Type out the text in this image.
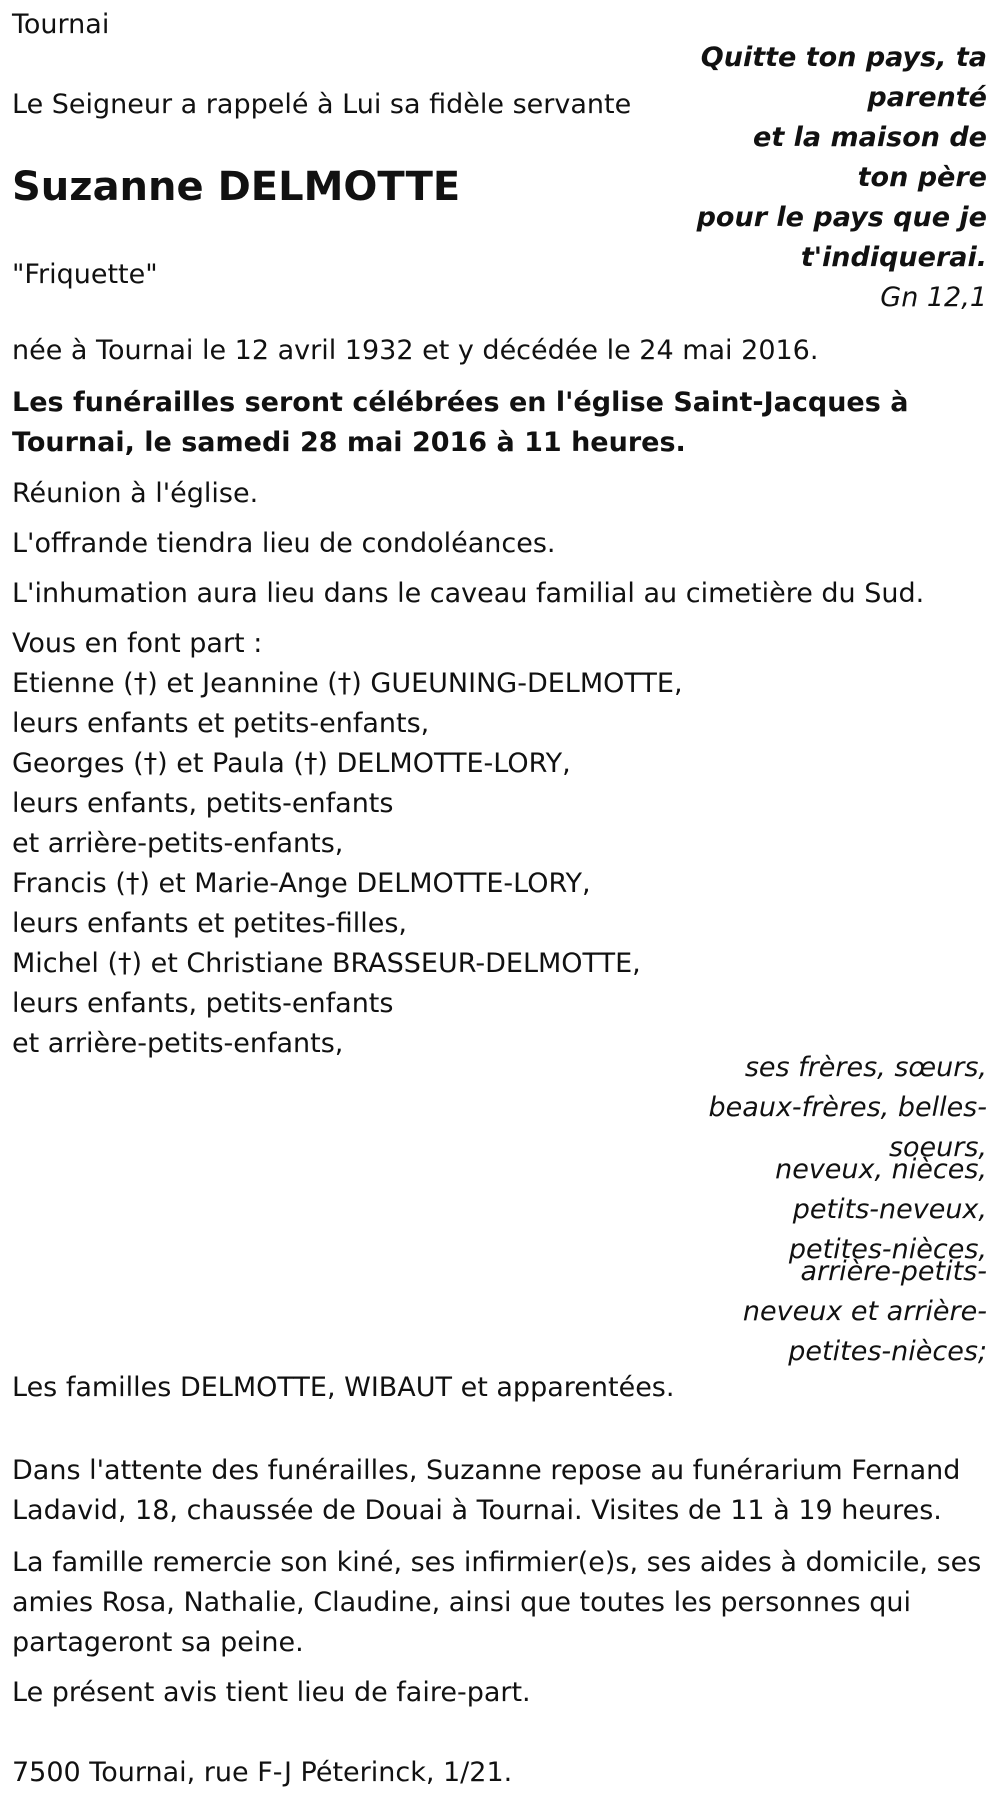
Tournai

Le Seigneur a rappelé à Lui sa fidèle servante

Suzanne DELMOTTE

"Friquette"

Quitte ton pays, ta
parenté
et la maison de
ton père
pour le pays que je
t'indiquerai.
Gn 12,1

née à Tournai le 12 avril 1932 et y décédée le 24 mai 2016.

Les funérailles seront célébrées en l'église Saint-Jacques à Tournai, le samedi 28 mai 2016 à 11 heures.

Réunion à l'église.

L'offrande tiendra lieu de condoléances.

L'inhumation aura lieu dans le caveau familial au cimetière du Sud.

Vous en font part :
Etienne (†) et Jeannine (†) GUEUNING-DELMOTTE,
leurs enfants et petits-enfants,
Georges (†) et Paula (†) DELMOTTE-LORY,
leurs enfants, petits-enfants
et arrière-petits-enfants,
Francis (†) et Marie-Ange DELMOTTE-LORY,
leurs enfants et petites-filles,
Michel (†) et Christiane BRASSEUR-DELMOTTE,
leurs enfants, petits-enfants
et arrière-petits-enfants,
ses frères, sœurs,
beaux-frères, belles-
soeurs,
neveux, nièces,
petits-neveux,
petites-nièces,
arrière-petits-
neveux et arrière-
petites-nièces;

Les familles DELMOTTE, WIBAUT et apparentées.

Dans l'attente des funérailles, Suzanne repose au funérarium Fernand Ladavid, 18, chaussée de Douai à Tournai. Visites de 11 à 19 heures.

La famille remercie son kiné, ses infirmier(e)s, ses aides à domicile, ses amies Rosa, Nathalie, Claudine, ainsi que toutes les personnes qui partageront sa peine.

Le présent avis tient lieu de faire-part.

7500 Tournai, rue F-J Péterinck, 1/21.
